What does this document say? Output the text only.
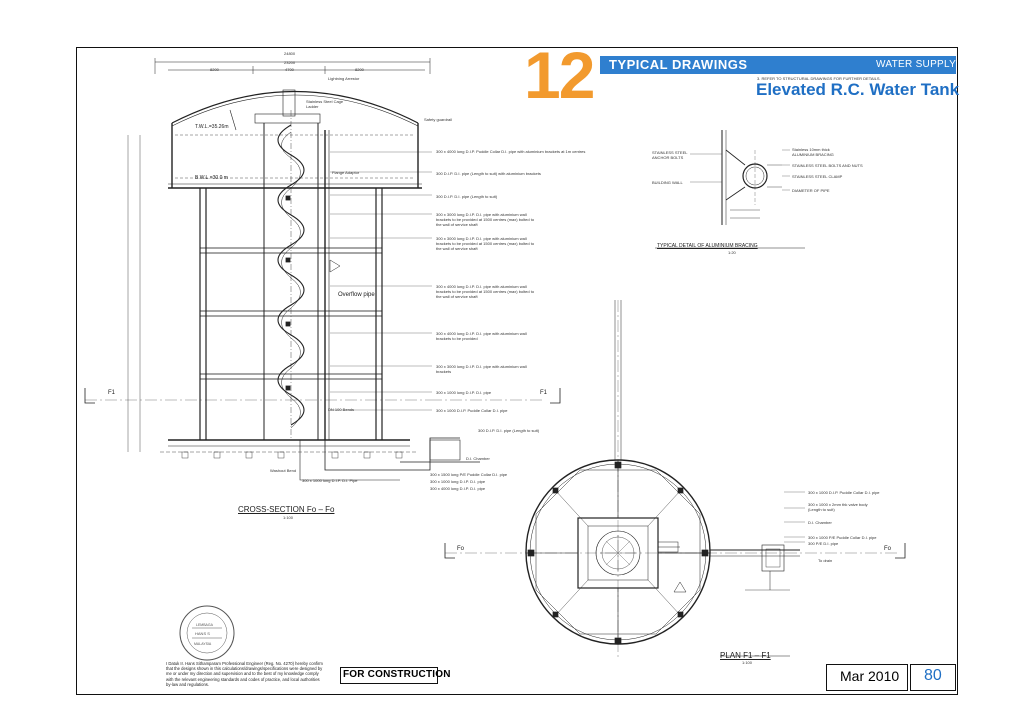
LEMBAGA
HANS S
MALAYSIA
12 TYPICAL DRAWINGS	WATER SUPPLY
3. REFER TO STRUCTURAL DRAWINGS FOR FURTHER DETAILS.
Elevated R.C. Water Tank
24800
23200
8200	4700	8200
Lightning Arrestor
Stainless Steel Cage Ladder
Safety guardrail
T.W.L.=35.26m
B.W.L.=30.0 m
Flange Adaptor
Overflow pipe
DN 100 Bends
Washout Bend
300 x 4000 long D.I.P. Puddle Collar D.I. pipe with aluminium brackets at 1m centres
300 D.I.P. D.I. pipe (Length to suit) with aluminium brackets
300 D.I.P. D.I. pipe (Length to suit)
300 x 3000 long D.I.P. D.I. pipe with aluminium wall brackets to be provided at 1500 centres (max) bolted to the wall of service shaft
300 x 3000 long D.I.P. D.I. pipe with aluminium wall brackets to be provided at 1500 centres (max) bolted to the wall of service shaft
300 x 4000 long D.I.P. D.I. pipe with aluminium wall brackets to be provided at 1500 centres (max) bolted to the wall of service shaft
300 x 4000 long D.I.P. D.I. pipe with aluminium wall brackets to be provided
300 x 3000 long D.I.P. D.I. pipe with aluminium wall brackets
300 x 1000 long D.I.P. D.I. pipe
300 x 1000 D.I.P. Puddle Collar D.I. pipe
300 D.I.P. D.I. pipe (Length to suit)
D.I. Chamber
300 x 1500 long P/E Puddle Collar D.I. pipe
300 x 1000 long D.I.P. D.I. pipe
300 x 4000 long D.I.P. D.I. pipe
300 x 1000 long D.I.P. D.I. Pipe
CROSS-SECTION Fo – Fo
1:100
STAINLESS STEEL ANCHOR BOLTS
BUILDING WALL
Stainless 10mm thick ALUMINIUM BRACING
STAINLESS STEEL BOLTS AND NUTS
STAINLESS STEEL CLAMP
DIAMETER OF PIPE
TYPICAL DETAIL OF ALUMINIUM BRACING
1:20
F1	F1
Fo	Fo
300 x 1000 D.I.P. Puddle Collar D.I. pipe
300 x 1000 x 2mm thk valve body (Length to suit)
D.I. Chamber
300 x 1000 P/E Puddle Collar D.I. pipe
300 P/E D.I. pipe
To drain
PLAN F1 – F1
1:100
I Datuk Ir. Hans Sithamparam Professional Engineer (Reg. No. 4270) hereby confirm that the designs shown in this calculations/drawings/specifications were designed by me or under my direction and supervision and to the best of my knowledge comply with the relevant engineering standards and codes of practice, and local authorities by-law and regulations.
FOR CONSTRUCTION	Mar 2010 80
